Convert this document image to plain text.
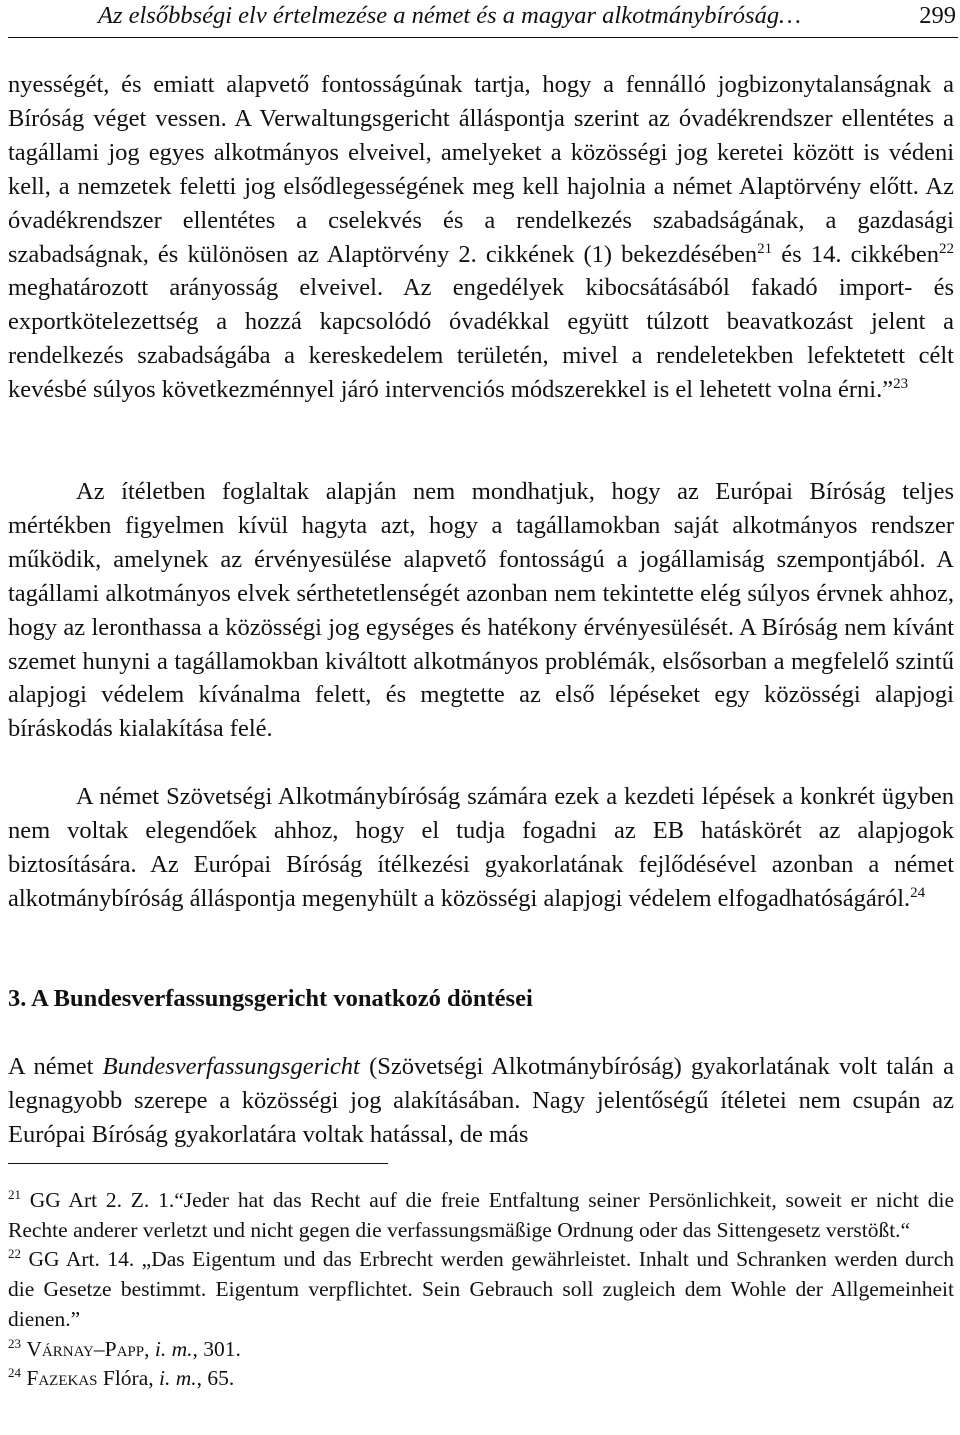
Az elsőbbségi elv értelmezése a német és a magyar alkotmánybíróság…	299

nyességét, és emiatt alapvető fontosságúnak tartja, hogy a fennálló jogbizonytalanságnak a Bíróság véget vessen. A Verwaltungsgericht álláspontja szerint az óvadékrendszer ellentétes a tagállami jog egyes alkotmányos elveivel, amelyeket a közösségi jog keretei között is védeni kell, a nemzetek feletti jog elsődlegességének meg kell hajolnia a német Alaptörvény előtt. Az óvadékrendszer ellentétes a cselekvés és a rendelkezés szabadságának, a gazdasági szabadságnak, és különösen az Alaptörvény 2. cikkének (1) bekezdésében$^{21}$ és 14. cikkében$^{22}$ meghatározott arányosság elveivel. Az engedélyek kibocsátásából fakadó import- és exportkötelezettség a hozzá kapcsolódó óvadékkal együtt túlzott beavatkozást jelent a rendelkezés szabadságába a kereskedelem területén, mivel a rendeletekben lefektetett célt kevésbé súlyos következménnyel járó intervenciós módszerekkel is el lehetett volna érni.”$^{23}$

Az ítéletben foglaltak alapján nem mondhatjuk, hogy az Európai Bíróság teljes mértékben figyelmen kívül hagyta azt, hogy a tagállamokban saját alkotmányos rendszer működik, amelynek az érvényesülése alapvető fontosságú a jogállamiság szempontjából. A tagállami alkotmányos elvek sérthetetlenségét azonban nem tekintette elég súlyos érvnek ahhoz, hogy az leronthassa a közösségi jog egységes és hatékony érvényesülését. A Bíróság nem kívánt szemet hunyni a tagállamokban kiváltott alkotmányos problémák, elsősorban a megfelelő szintű alapjogi védelem kívánalma felett, és megtette az első lépéseket egy közösségi alapjogi bíráskodás kialakítása felé.

A német Szövetségi Alkotmánybíróság számára ezek a kezdeti lépések a konkrét ügyben nem voltak elegendőek ahhoz, hogy el tudja fogadni az EB hatáskörét az alapjogok biztosítására. Az Európai Bíróság ítélkezési gyakorlatának fejlődésével azonban a német alkotmánybíróság álláspontja megenyhült a közösségi alapjogi védelem elfogadhatóságáról.$^{24}$

3. A Bundesverfassungsgericht vonatkozó döntései

A német Bundesverfassungsgericht (Szövetségi Alkotmánybíróság) gyakorlatának volt talán a legnagyobb szerepe a közösségi jog alakításában. Nagy jelentőségű ítéletei nem csupán az Európai Bíróság gyakorlatára voltak hatással, de más

$^{21}$ GG Art 2. Z. 1.“Jeder hat das Recht auf die freie Entfaltung seiner Persönlichkeit, soweit er nicht die Rechte anderer verletzt und nicht gegen die verfassungsmäßige Ordnung oder das Sittengesetz verstößt.“

$^{22}$ GG Art. 14. „Das Eigentum und das Erbrecht werden gewährleistet. Inhalt und Schranken werden durch die Gesetze bestimmt. Eigentum verpflichtet. Sein Gebrauch soll zugleich dem Wohle der Allgemeinheit dienen.”

$^{23}$ Várnay–Papp, i. m., 301.

$^{24}$ Fazekas Flóra, i. m., 65.
